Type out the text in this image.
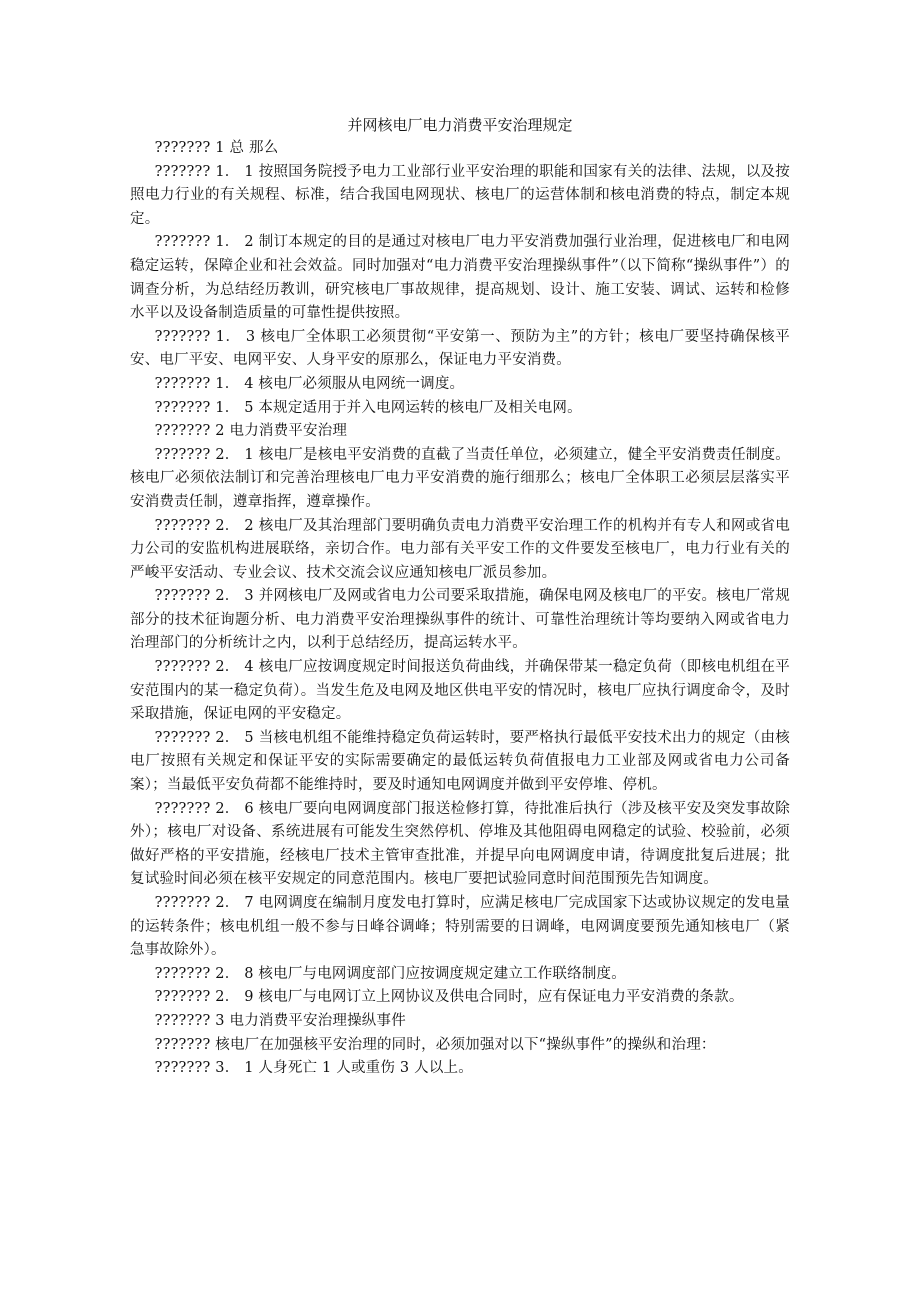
并网核电厂电力消费平安治理规定

??????? 1 总 那么

??????? 1． 1 按照国务院授予电力工业部行业平安治理的职能和国家有关的法律、法规，以及按照电力行业的有关规程、标准，结合我国电网现状、核电厂的运营体制和核电消费的特点，制定本规定。

??????? 1． 2 制订本规定的目的是通过对核电厂电力平安消费加强行业治理，促进核电厂和电网稳定运转，保障企业和社会效益。同时加强对“电力消费平安治理操纵事件”（以下简称“操纵事件”）的调查分析，为总结经历教训，研究核电厂事故规律，提高规划、设计、施工安装、调试、运转和检修水平以及设备制造质量的可靠性提供按照。

??????? 1． 3 核电厂全体职工必须贯彻“平安第一、预防为主”的方针；核电厂要坚持确保核平安、电厂平安、电网平安、人身平安的原那么，保证电力平安消费。

??????? 1． 4 核电厂必须服从电网统一调度。

??????? 1． 5 本规定适用于并入电网运转的核电厂及相关电网。

??????? 2 电力消费平安治理

??????? 2． 1 核电厂是核电平安消费的直截了当责任单位，必须建立，健全平安消费责任制度。核电厂必须依法制订和完善治理核电厂电力平安消费的施行细那么；核电厂全体职工必须层层落实平安消费责任制，遵章指挥，遵章操作。

??????? 2． 2 核电厂及其治理部门要明确负责电力消费平安治理工作的机构并有专人和网或省电力公司的安监机构进展联络，亲切合作。电力部有关平安工作的文件要发至核电厂，电力行业有关的严峻平安活动、专业会议、技术交流会议应通知核电厂派员参加。

??????? 2． 3 并网核电厂及网或省电力公司要采取措施，确保电网及核电厂的平安。核电厂常规部分的技术征询题分析、电力消费平安治理操纵事件的统计、可靠性治理统计等均要纳入网或省电力治理部门的分析统计之内，以利于总结经历，提高运转水平。

??????? 2． 4 核电厂应按调度规定时间报送负荷曲线，并确保带某一稳定负荷（即核电机组在平安范围内的某一稳定负荷）。当发生危及电网及地区供电平安的情况时，核电厂应执行调度命令，及时采取措施，保证电网的平安稳定。

??????? 2． 5 当核电机组不能维持稳定负荷运转时，要严格执行最低平安技术出力的规定（由核电厂按照有关规定和保证平安的实际需要确定的最低运转负荷值报电力工业部及网或省电力公司备案）；当最低平安负荷都不能维持时，要及时通知电网调度并做到平安停堆、停机。

??????? 2． 6 核电厂要向电网调度部门报送检修打算，待批准后执行（涉及核平安及突发事故除外）；核电厂对设备、系统进展有可能发生突然停机、停堆及其他阻碍电网稳定的试验、校验前，必须做好严格的平安措施，经核电厂技术主管审查批准，并提早向电网调度申请，待调度批复后进展；批复试验时间必须在核平安规定的同意范围内。核电厂要把试验同意时间范围预先告知调度。

??????? 2． 7 电网调度在编制月度发电打算时，应满足核电厂完成国家下达或协议规定的发电量的运转条件；核电机组一般不参与日峰谷调峰；特别需要的日调峰，电网调度要预先通知核电厂（紧急事故除外）。

??????? 2． 8 核电厂与电网调度部门应按调度规定建立工作联络制度。

??????? 2． 9 核电厂与电网订立上网协议及供电合同时，应有保证电力平安消费的条款。

??????? 3 电力消费平安治理操纵事件

??????? 核电厂在加强核平安治理的同时，必须加强对以下“操纵事件”的操纵和治理：

??????? 3． 1 人身死亡 1 人或重伤 3 人以上。
